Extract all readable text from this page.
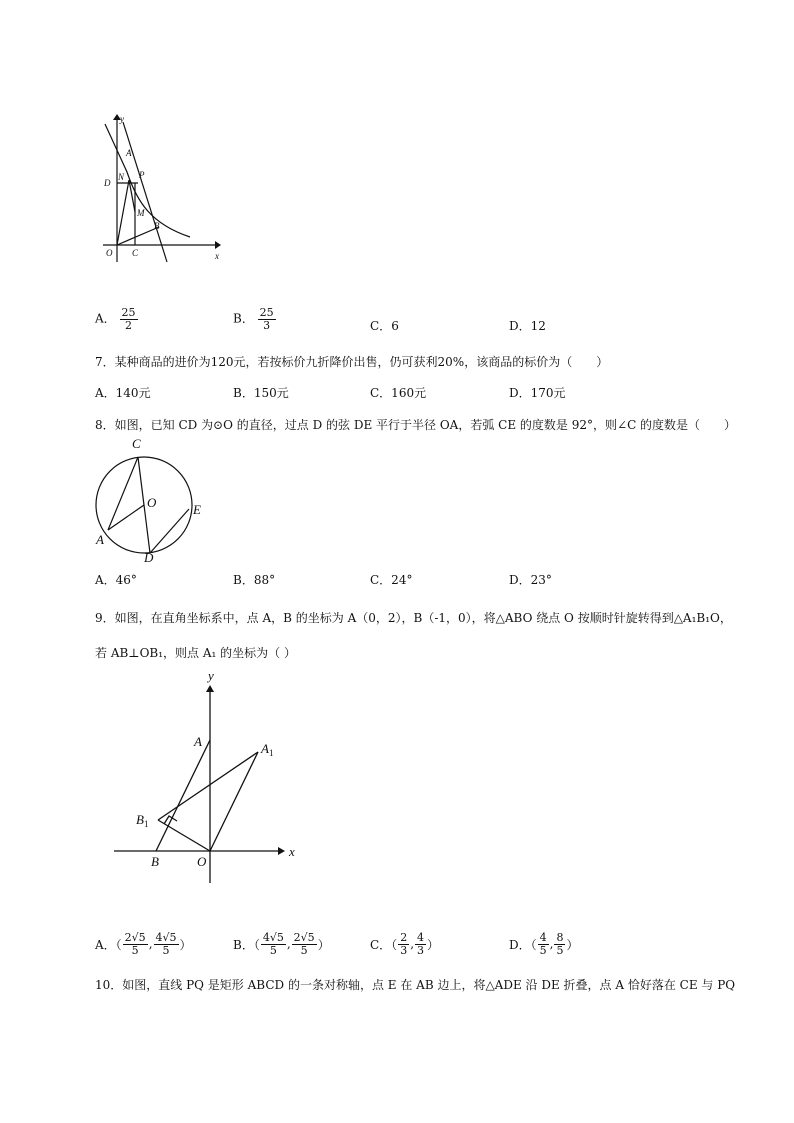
y
x
O C
A
D
N P
M
B
A． $\frac{25}{2}$	B． $\frac{25}{3}$	C．6	D．12
7．某种商品的进价为120元，若按标价九折降价出售，仍可获利20%，该商品的标价为（　　）
A．140元	B．150元	C．160元	D．170元
8．如图，已知 CD 为⊙O 的直径，过点 D 的弦 DE 平行于半径 OA，若弧 CE 的度数是 92°，则∠C 的度数是（　　）
C
O	E
A
D
A．46°	B．88°	C．24°	D．23°
9．如图，在直角坐标系中，点 A，B 的坐标为 A（0，2），B（-1，0），将△ABO 绕点 O 按顺时针旋转得到△A₁B₁O，
若 AB⊥OB₁，则点 A₁ 的坐标为（ ）
y
x
A	$A_1$
$B_1$
B	O
A．（ $\frac{2√5}{5}$ , $\frac{4√5}{5}$ ）	B．（ $\frac{4√5}{5}$ , $\frac{2√5}{5}$ ）	C．（ $\frac{2}{3}$ , $\frac{4}{3}$ ）	D．（ $\frac{4}{5}$ , $\frac{8}{5}$ ）
10．如图，直线 PQ 是矩形 ABCD 的一条对称轴，点 E 在 AB 边上，将△ADE 沿 DE 折叠，点 A 恰好落在 CE 与 PQ
